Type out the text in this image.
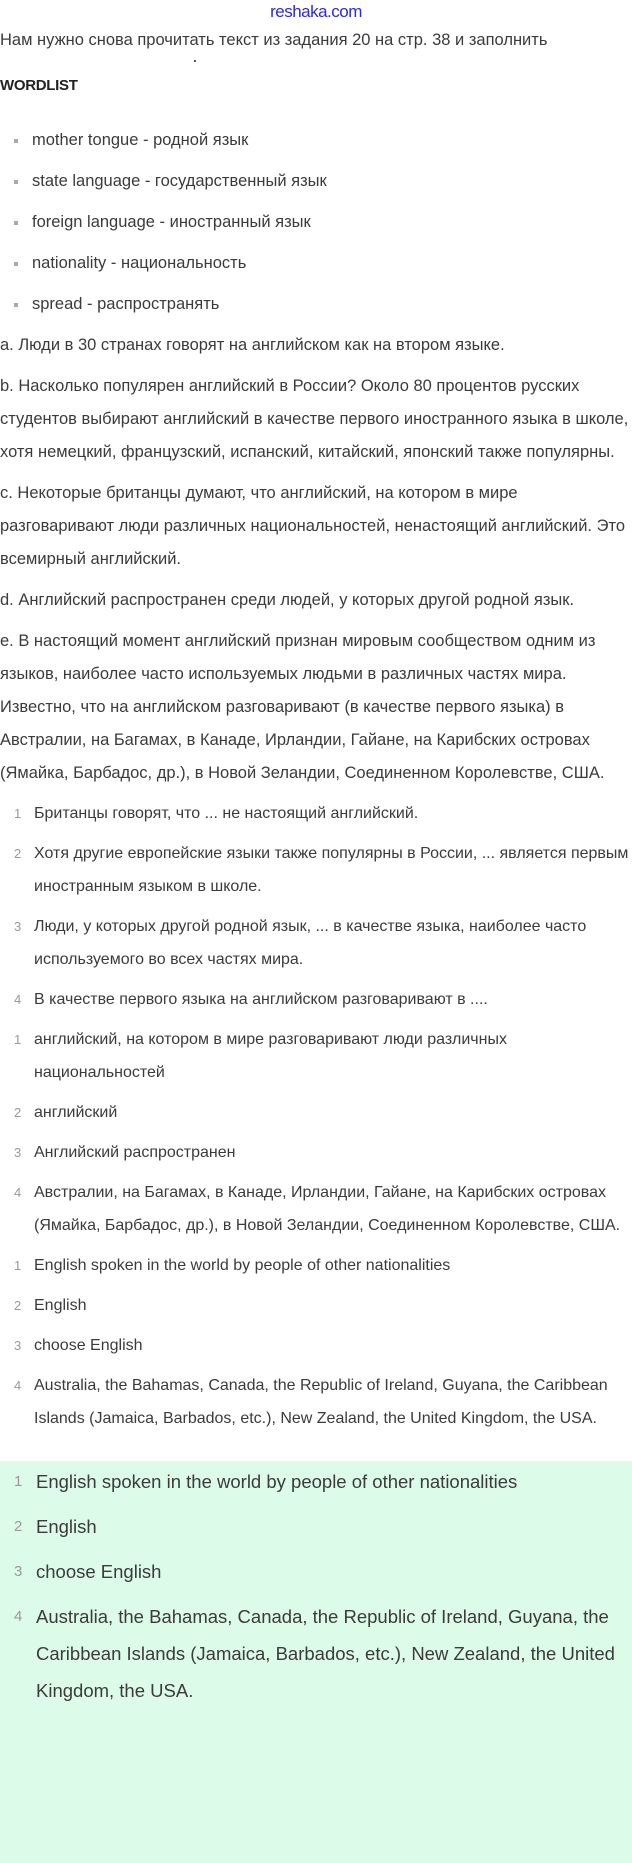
reshaka.com
Нам нужно снова прочитать текст из задания 20 на стр. 38 и заполнить
WORDLIST
mother tongue - родной язык
state language - государственный язык
foreign language - иностранный язык
nationality - национальность
spread - распространять
a. Люди в 30 странах говорят на английском как на втором языке.
b. Насколько популярен английский в России? Около 80 процентов русских студентов выбирают английский в качестве первого иностранного языка в школе, хотя немецкий, французский, испанский, китайский, японский также популярны.
c. Некоторые британцы думают, что английский, на котором в мире разговаривают люди различных национальностей, ненастоящий английский. Это всемирный английский.
d. Английский распространен среди людей, у которых другой родной язык.
e. В настоящий момент английский признан мировым сообществом одним из языков, наиболее часто используемых людьми в различных частях мира. Известно, что на английском разговаривают (в качестве первого языка) в Австралии, на Багамах, в Канаде, Ирландии, Гайане, на Карибских островах (Ямайка, Барбадос, др.), в Новой Зеландии, Соединенном Королевстве, США.
1 Британцы говорят, что ... не настоящий английский.
2 Хотя другие европейские языки также популярны в России, ... является первым иностранным языком в школе.
3 Люди, у которых другой родной язык, ... в качестве языка, наиболее часто используемого во всех частях мира.
4 В качестве первого языка на английском разговаривают в ....
1 английский, на котором в мире разговаривают люди различных национальностей
2 английский
3 Английский распространен
4 Австралии, на Багамах, в Канаде, Ирландии, Гайане, на Карибских островах (Ямайка, Барбадос, др.), в Новой Зеландии, Соединенном Королевстве, США.
1 English spoken in the world by people of other nationalities
2 English
3 choose English
4 Australia, the Bahamas, Canada, the Republic of Ireland, Guyana, the Caribbean Islands (Jamaica, Barbados, etc.), New Zealand, the United Kingdom, the USA.
1 English spoken in the world by people of other nationalities
2 English
3 choose English
4 Australia, the Bahamas, Canada, the Republic of Ireland, Guyana, the Caribbean Islands (Jamaica, Barbados, etc.), New Zealand, the United Kingdom, the USA.
